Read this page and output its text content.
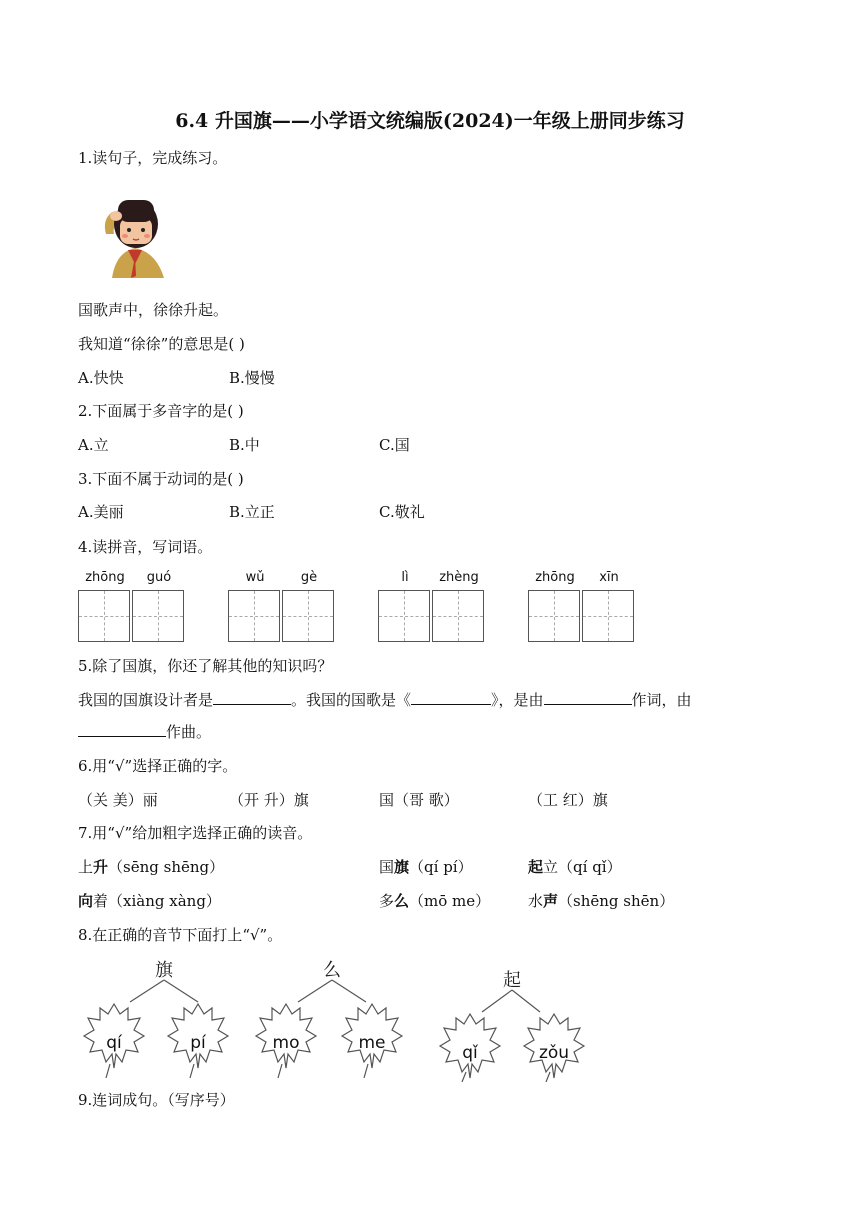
6.4 升国旗——小学语文统编版(2024)一年级上册同步练习
1.读句子，完成练习。
国歌声中，徐徐升起。
我知道“徐徐”的意思是( )
A.快快	B.慢慢
2.下面属于多音字的是( )
A.立	B.中	C.国
3.下面不属于动词的是( )
A.美丽	B.立正	C.敬礼
4.读拼音，写词语。
zhōng	guó	wǔ	gè	lì	zhèng	zhōng	xīn
5.除了国旗，你还了解其他的知识吗？
我国的国旗设计者是	。我国的国歌是《	》，是由	作词，由
作曲。
6.用“√”选择正确的字。
（关 美）丽	（开 升）旗	国（哥 歌）	（工 红）旗
7.用“√”给加粗字选择正确的读音。
上升（sēng shēng）	国旗（qí pí）	起立（qí qǐ）
向着（xiàng xàng）	多么（mō me）	水声（shēng shēn）
8.在正确的音节下面打上“√”。
旗
qí	pí
么
mo	me
起
qǐ	zǒu
9.连词成句。（写序号）
